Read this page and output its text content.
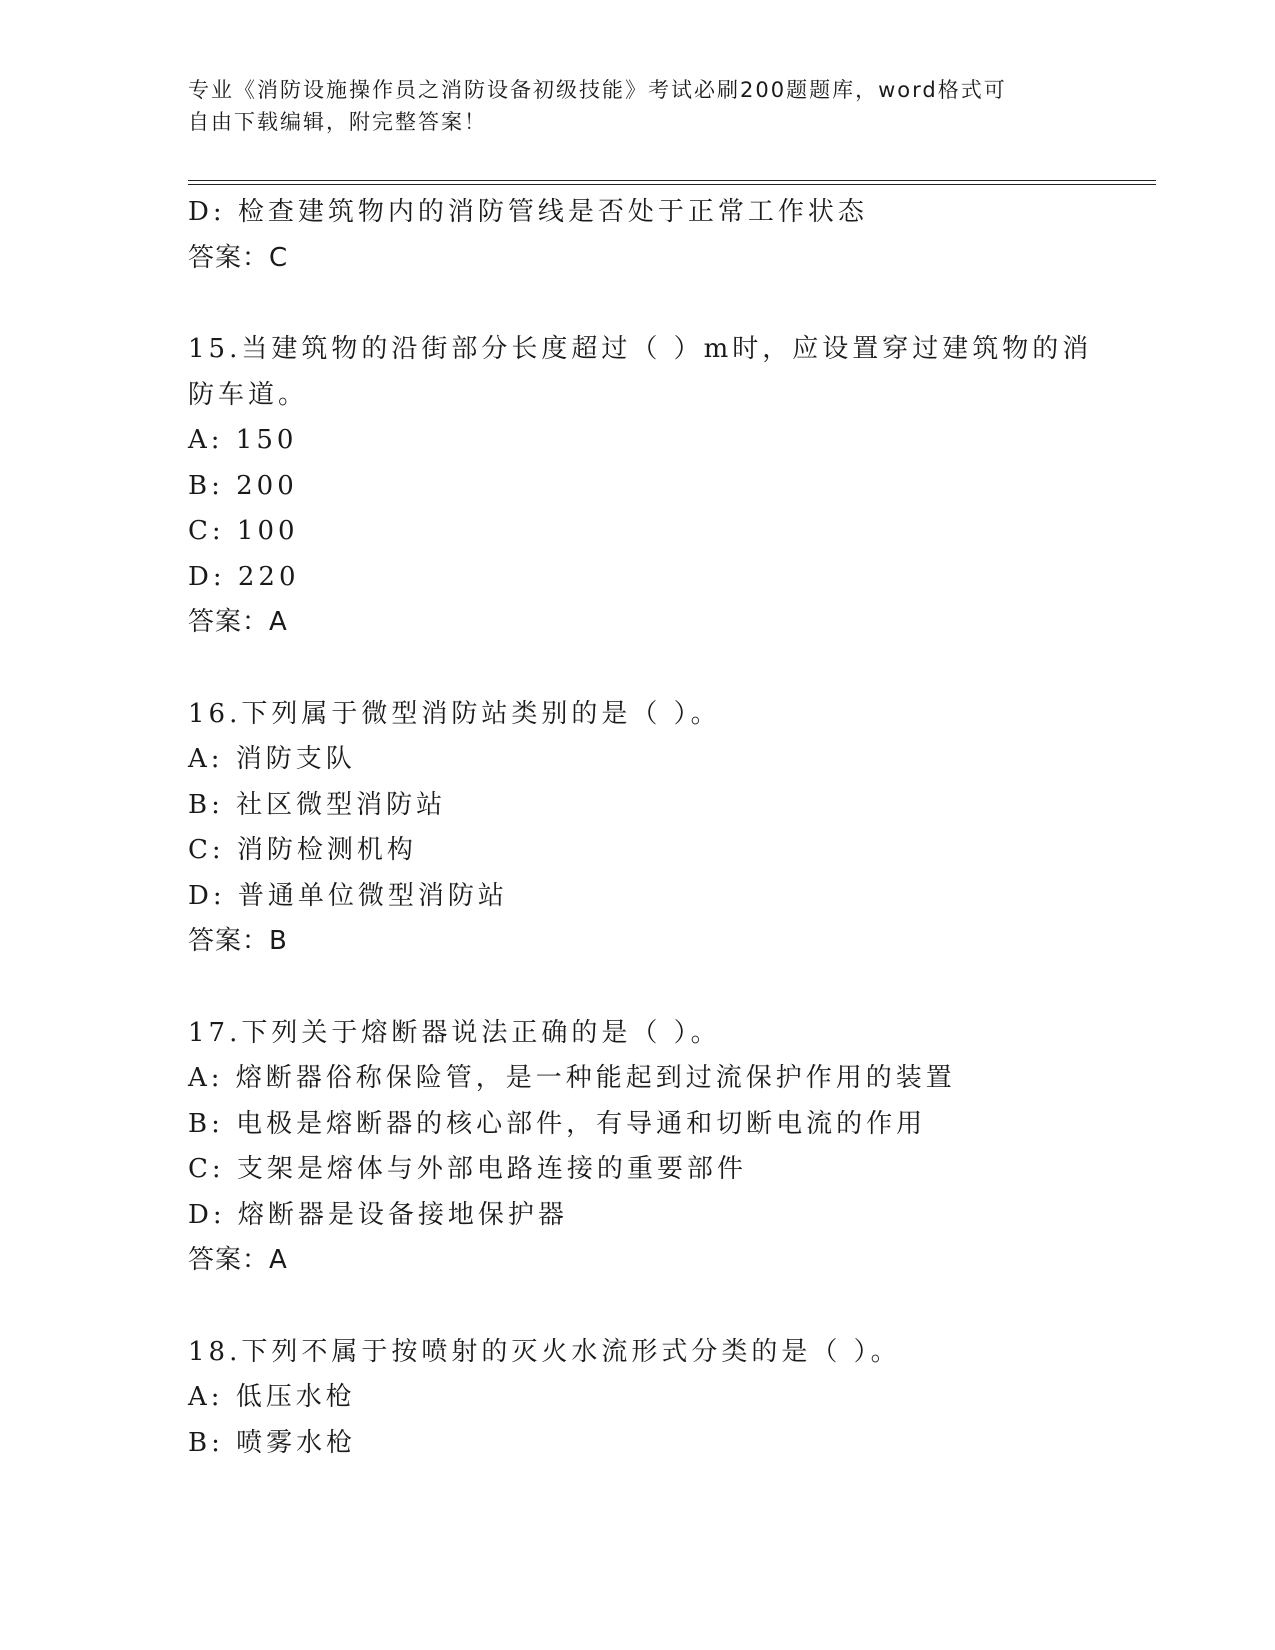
专业《消防设施操作员之消防设备初级技能》考试必刷200题题库，word格式可
自由下载编辑，附完整答案！
D: 检查建筑物内的消防管线是否处于正常工作状态
答案：C
15.当建筑物的沿街部分长度超过（ ）m时，应设置穿过建筑物的消
防车道。
A: 150
B: 200
C: 100
D: 220
答案：A
16.下列属于微型消防站类别的是（ ）。
A: 消防支队
B: 社区微型消防站
C: 消防检测机构
D: 普通单位微型消防站
答案：B
17.下列关于熔断器说法正确的是（ ）。
A: 熔断器俗称保险管，是一种能起到过流保护作用的装置
B: 电极是熔断器的核心部件，有导通和切断电流的作用
C: 支架是熔体与外部电路连接的重要部件
D: 熔断器是设备接地保护器
答案：A
18.下列不属于按喷射的灭火水流形式分类的是（ ）。
A: 低压水枪
B: 喷雾水枪
